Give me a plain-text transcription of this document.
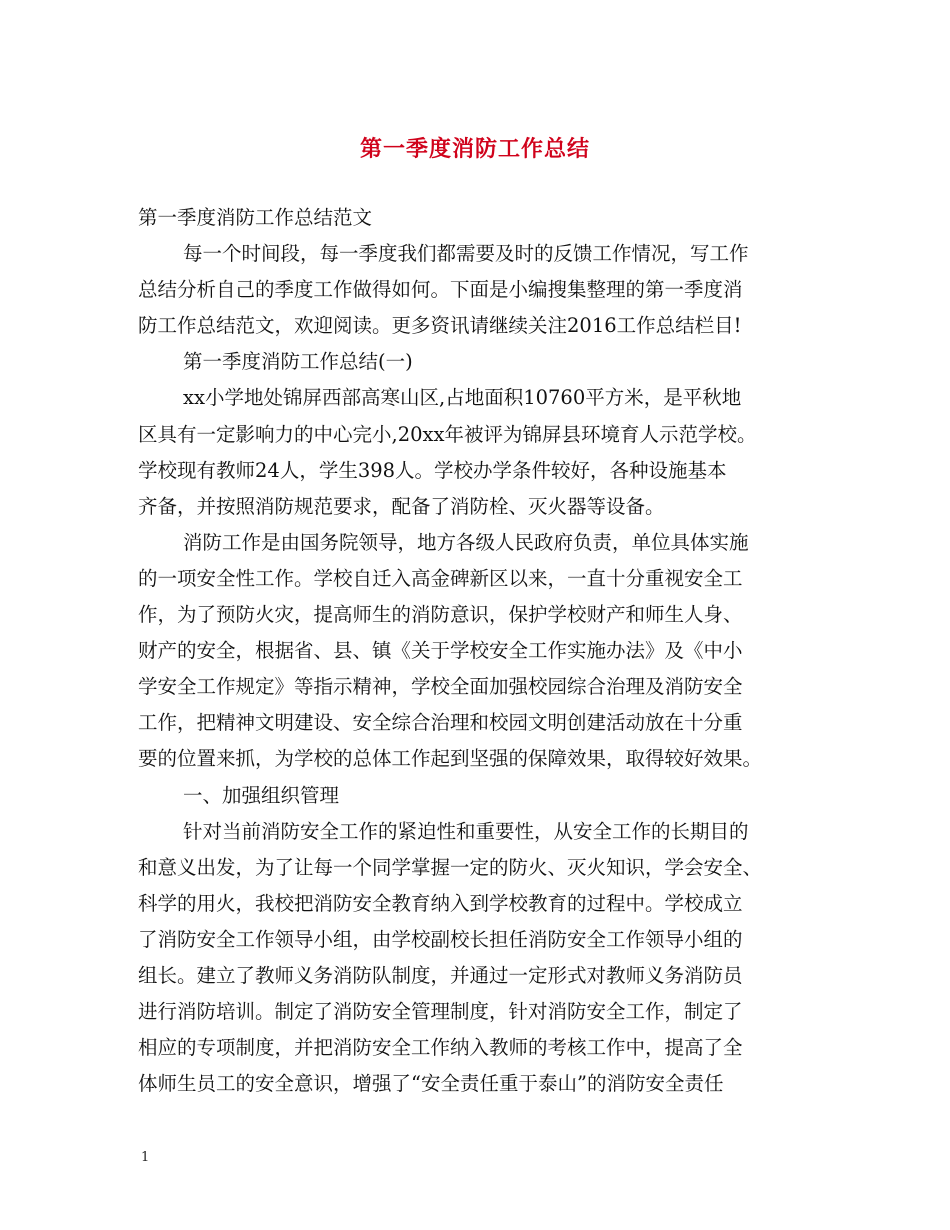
第一季度消防工作总结
第一季度消防工作总结范文
每一个时间段，每一季度我们都需要及时的反馈工作情况，写工作
总结分析自己的季度工作做得如何。下面是小编搜集整理的第一季度消
防工作总结范文，欢迎阅读。更多资讯请继续关注2016工作总结栏目!
第一季度消防工作总结(一)
xx小学地处锦屏西部高寒山区,占地面积10760平方米，是平秋地
区具有一定影响力的中心完小,20xx年被评为锦屏县环境育人示范学校。
学校现有教师24人，学生398人。学校办学条件较好，各种设施基本
齐备，并按照消防规范要求，配备了消防栓、灭火器等设备。
消防工作是由国务院领导，地方各级人民政府负责，单位具体实施
的一项安全性工作。学校自迁入高金碑新区以来，一直十分重视安全工
作，为了预防火灾，提高师生的消防意识，保护学校财产和师生人身、
财产的安全，根据省、县、镇《关于学校安全工作实施办法》及《中小
学安全工作规定》等指示精神，学校全面加强校园综合治理及消防安全
工作，把精神文明建设、安全综合治理和校园文明创建活动放在十分重
要的位置来抓，为学校的总体工作起到坚强的保障效果，取得较好效果。
一、加强组织管理
针对当前消防安全工作的紧迫性和重要性，从安全工作的长期目的
和意义出发，为了让每一个同学掌握一定的防火、灭火知识，学会安全、
科学的用火，我校把消防安全教育纳入到学校教育的过程中。学校成立
了消防安全工作领导小组，由学校副校长担任消防安全工作领导小组的
组长。建立了教师义务消防队制度，并通过一定形式对教师义务消防员
进行消防培训。制定了消防安全管理制度，针对消防安全工作，制定了
相应的专项制度，并把消防安全工作纳入教师的考核工作中，提高了全
体师生员工的安全意识，增强了“安全责任重于泰山”的消防安全责任
1
